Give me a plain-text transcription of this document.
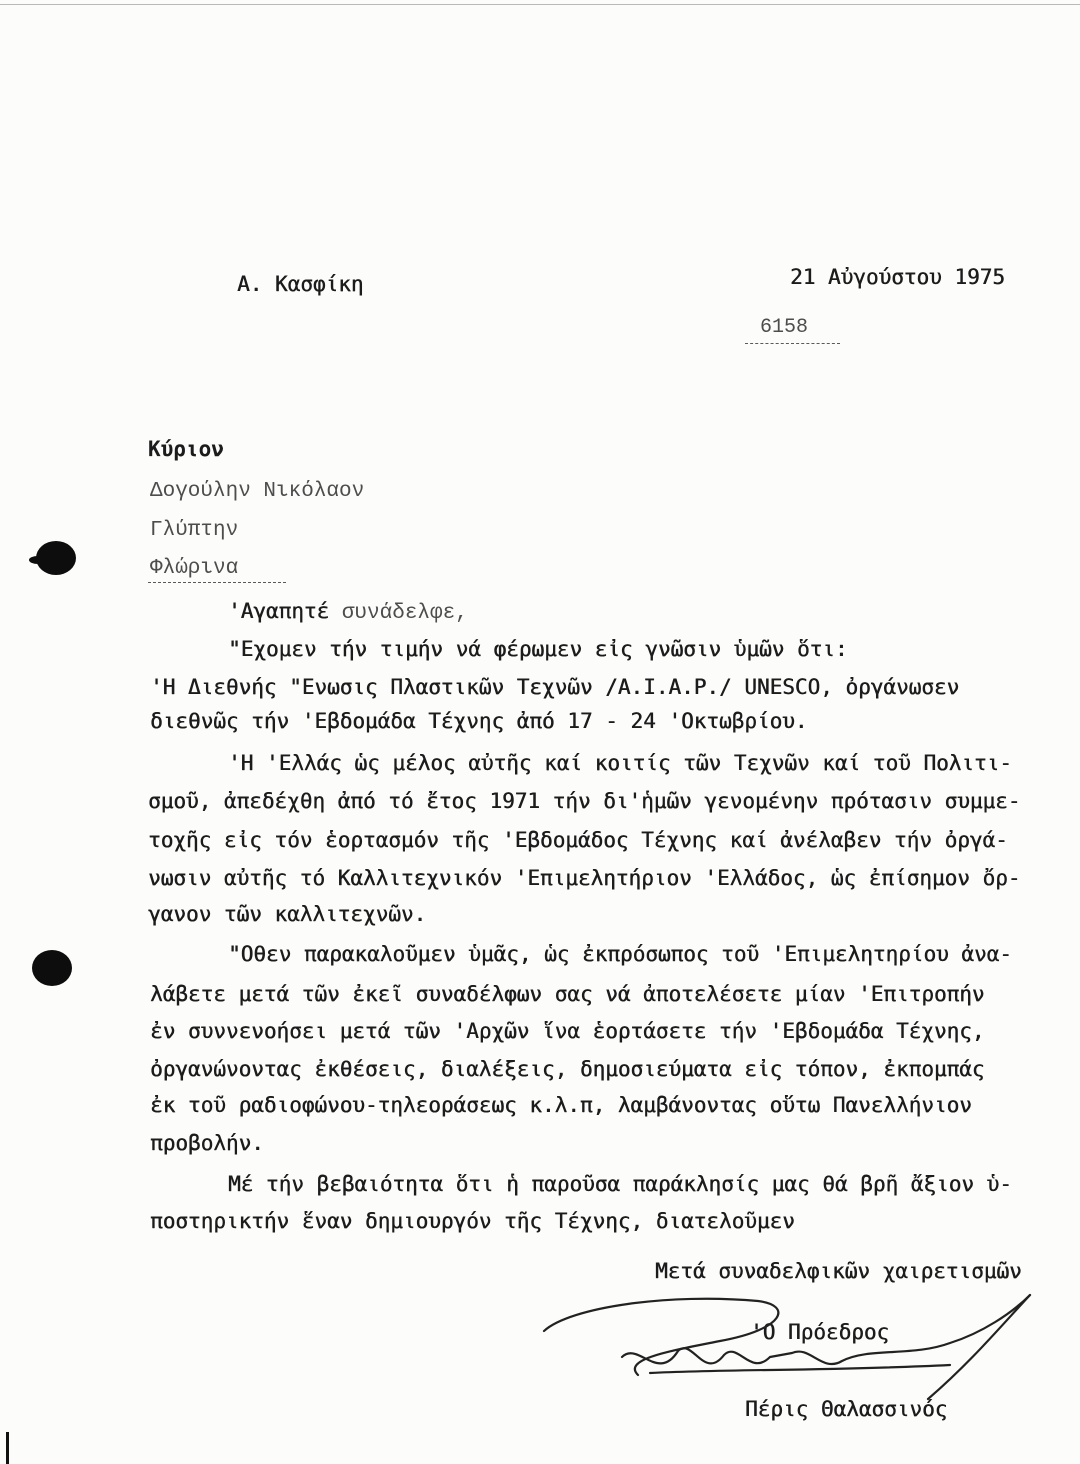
Α. Κασφίκη	21 Αὐγούστου 1975
6158
Κύριον
Δογούλην Νικόλαον
Γλύπτην
Φλώρινα
'Αγαπητέ συνάδελφε,
"Εχομεν τήν τιμήν νά φέρωμεν εἰς γνῶσιν ὑμῶν ὅτι:
'Η Διεθνής "Ενωσις Πλαστικῶν Τεχνῶν /A.I.A.P./ UNESCO, ὀργάνωσεν
διεθνῶς τήν 'Εβδομάδα Τέχνης ἀπό 17 - 24 'Οκτωβρίου.
'Η 'Ελλάς ὡς μέλος αὐτῆς καί κοιτίς τῶν Τεχνῶν καί τοῦ Πολιτι-
σμοῦ, ἀπεδέχθη ἀπό τό ἔτος 1971 τήν δι'ἡμῶν γενομένην πρότασιν συμμε-
τοχῆς εἰς τόν ἑορτασμόν τῆς 'Εβδομάδος Τέχνης καί ἀνέλαβεν τήν ὀργά-
νωσιν αὐτῆς τό Καλλιτεχνικόν 'Επιμελητήριον 'Ελλάδος, ὡς ἐπίσημον ὄρ-
γανον τῶν καλλιτεχνῶν.
"Οθεν παρακαλοῦμεν ὑμᾶς, ὡς ἐκπρόσωπος τοῦ 'Επιμελητηρίου ἀνα-
λάβετε μετά τῶν ἐκεῖ συναδέλφων σας νά ἀποτελέσετε μίαν 'Επιτροπήν
ἐν συννενοήσει μετά τῶν 'Αρχῶν ἵνα ἑορτάσετε τήν 'Εβδομάδα Τέχνης,
ὀργανώνοντας ἐκθέσεις, διαλέξεις, δημοσιεύματα εἰς τόπον, ἐκπομπάς
ἐκ τοῦ ραδιοφώνου-τηλεοράσεως κ.λ.π, λαμβάνοντας οὕτω Πανελλήνιον
προβολήν.
Μέ τήν βεβαιότητα ὅτι ἡ παροῦσα παράκλησίς μας θά βρῆ ἄξιον ὑ-
ποστηρικτήν ἕναν δημιουργόν τῆς Τέχνης, διατελοῦμεν
Μετά συναδελφικῶν χαιρετισμῶν
'Ο Πρόεδρος
Πέρις Θαλασσινός
